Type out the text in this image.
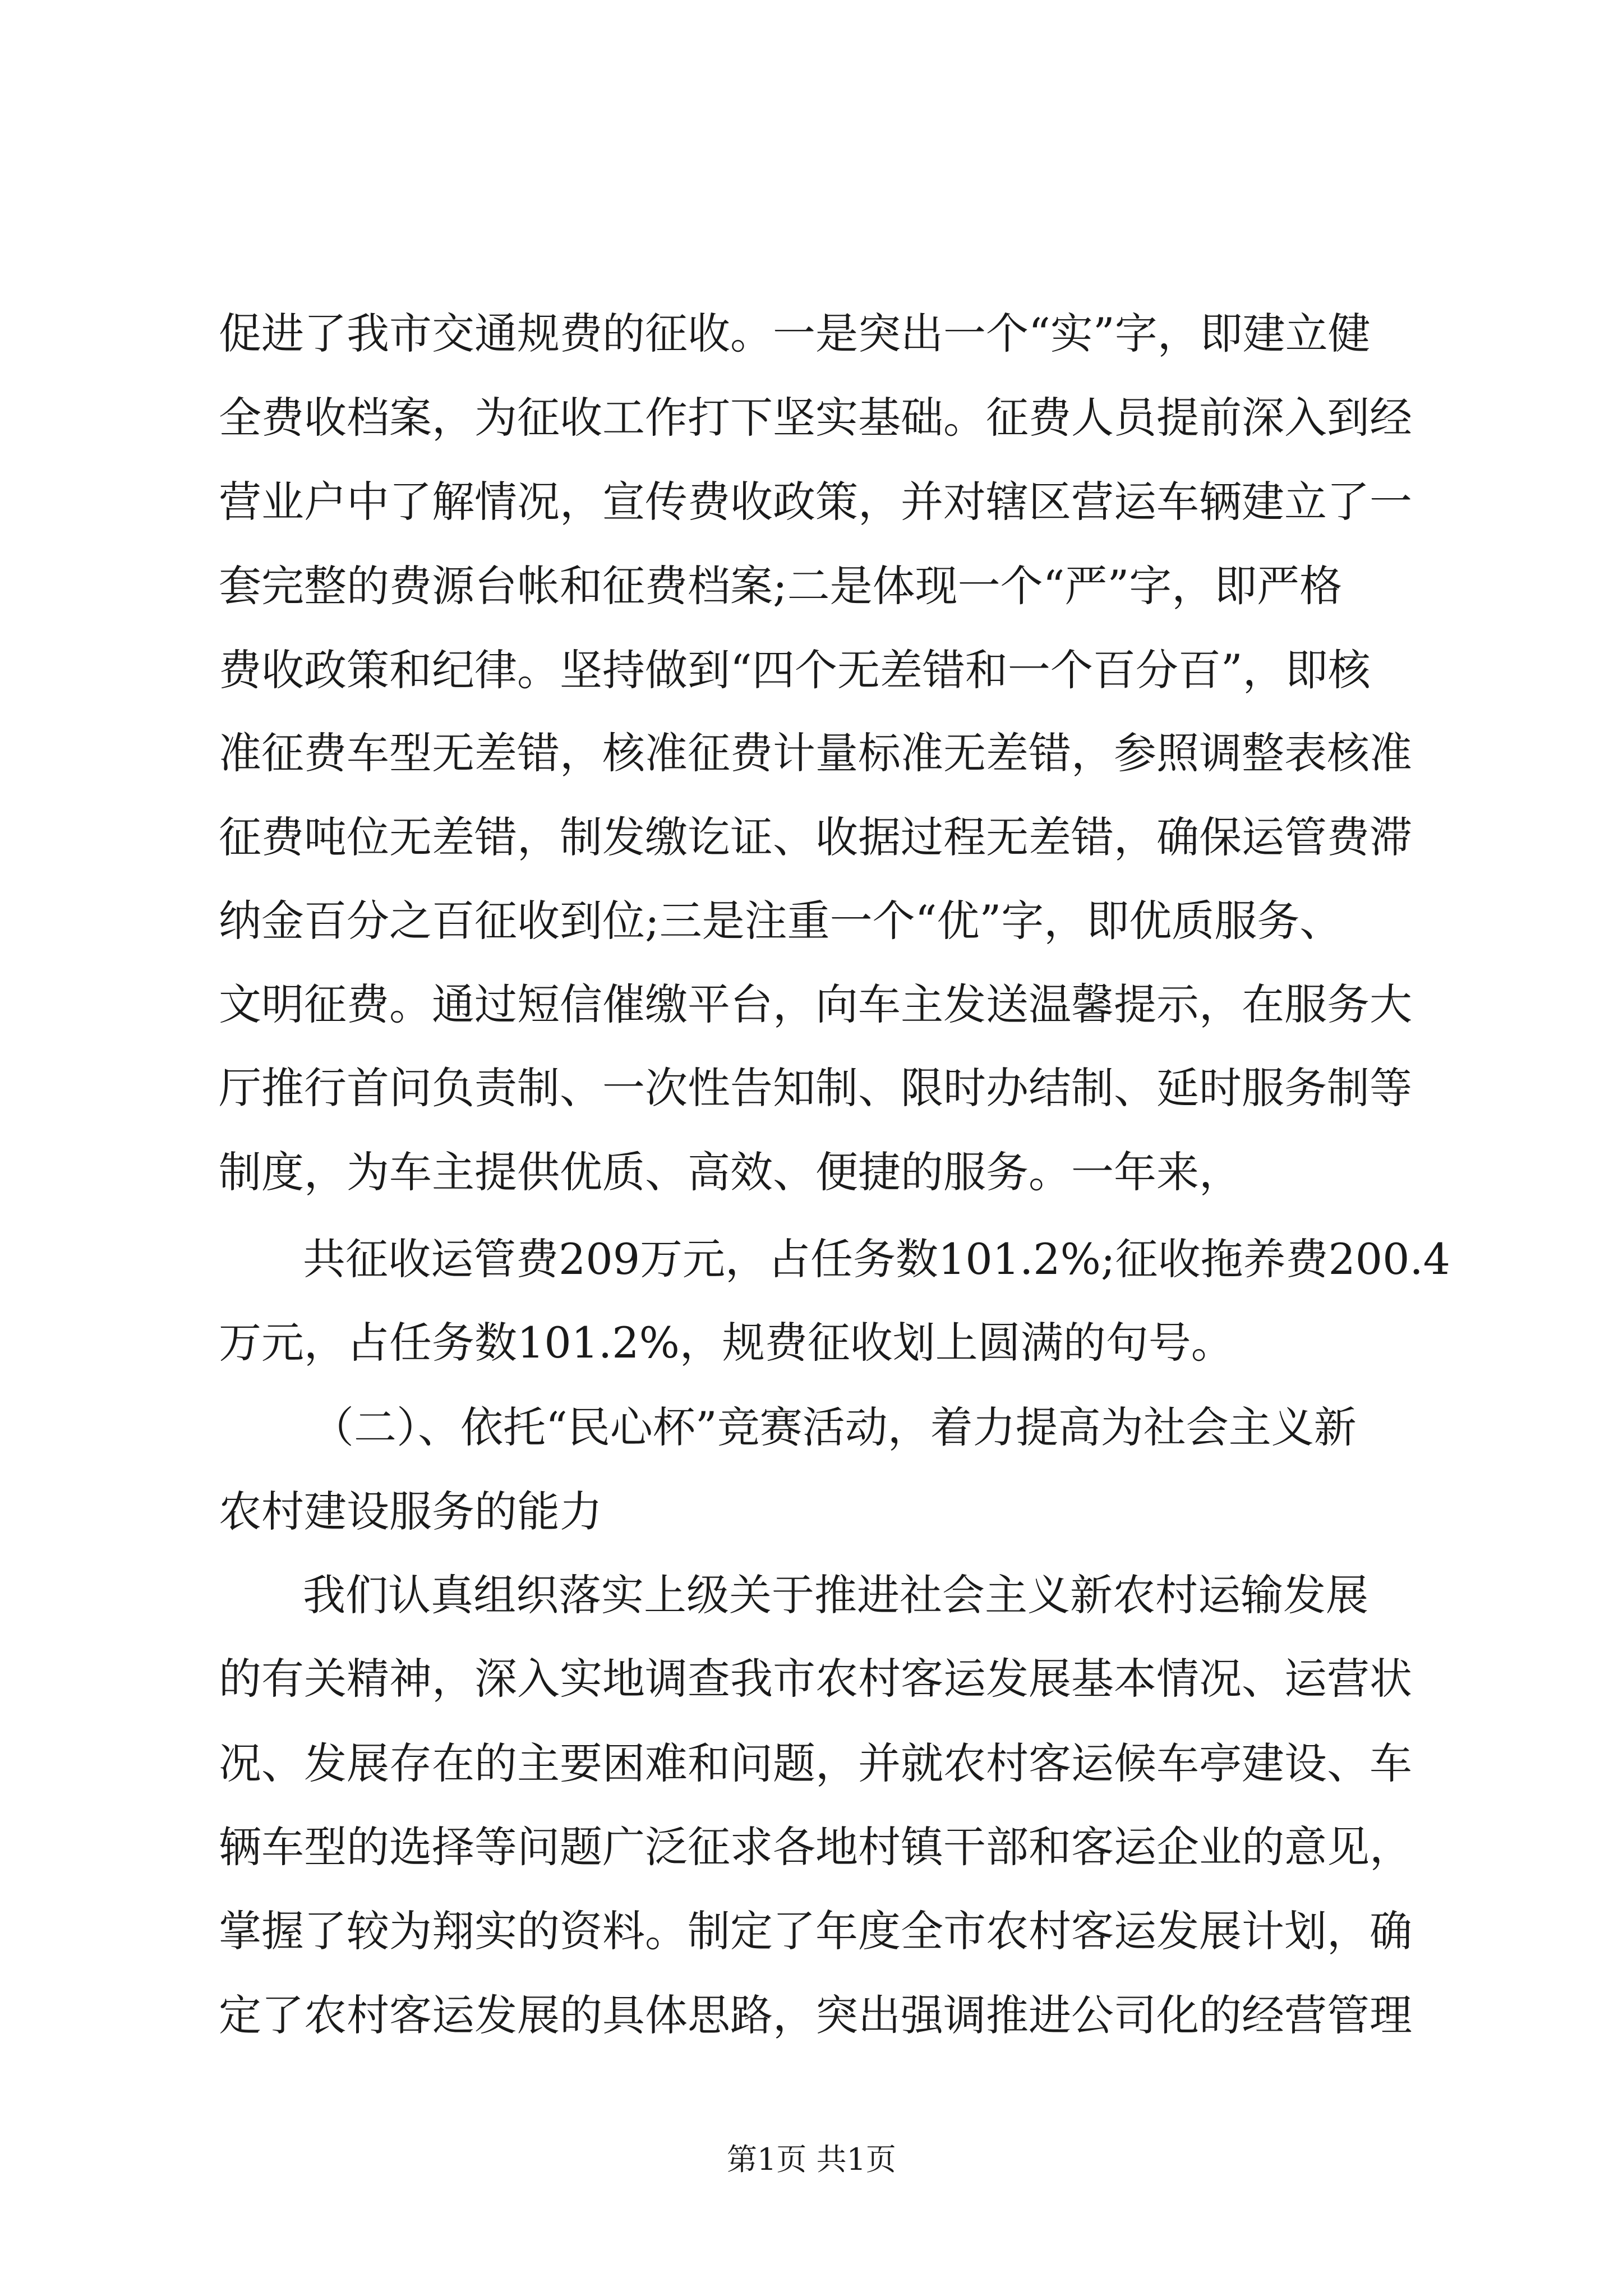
促进了我市交通规费的征收。一是突出一个“实”字，即建立健

全费收档案，为征收工作打下坚实基础。征费人员提前深入到经

营业户中了解情况，宣传费收政策，并对辖区营运车辆建立了一

套完整的费源台帐和征费档案;二是体现一个“严”字，即严格

费收政策和纪律。坚持做到“四个无差错和一个百分百”，即核

准征费车型无差错，核准征费计量标准无差错，参照调整表核准

征费吨位无差错，制发缴讫证、收据过程无差错，确保运管费滞

纳金百分之百征收到位;三是注重一个“优”字，即优质服务、

文明征费。通过短信催缴平台，向车主发送温馨提示，在服务大

厅推行首问负责制、一次性告知制、限时办结制、延时服务制等

制度，为车主提供优质、高效、便捷的服务。一年来，

共征收运管费209万元，占任务数101.2%;征收拖养费200.4

万元，占任务数101.2%，规费征收划上圆满的句号。

（二）、依托“民心杯”竞赛活动，着力提高为社会主义新

农村建设服务的能力

我们认真组织落实上级关于推进社会主义新农村运输发展

的有关精神，深入实地调查我市农村客运发展基本情况、运营状

况、发展存在的主要困难和问题，并就农村客运候车亭建设、车

辆车型的选择等问题广泛征求各地村镇干部和客运企业的意见，

掌握了较为翔实的资料。制定了年度全市农村客运发展计划，确

定了农村客运发展的具体思路，突出强调推进公司化的经营管理

第1页 共1页
